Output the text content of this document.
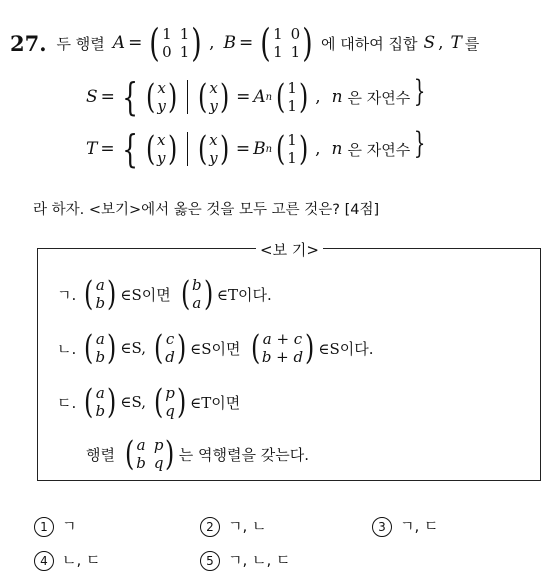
27. 두 행렬 A = ( 1 1
0 1 ) , B = ( 1 0
1 1 ) 에 대하여 집합 S , T 를
S = { ( x
y ) ( x
y ) = A n ( 1
1 ) , n 은 자연수 }
T = { ( x
y ) ( x
y ) = B n ( 1
1 ) , n 은 자연수 }
라 하자. <보기>에서 옳은 것을 모두 고른 것은? [4점]
<보 기>
ㄱ. ( a
b ) ∈S이면 ( b
a ) ∈T이다.
ㄴ. ( a
b ) ∈S, ( c
d ) ∈S이면 ( a + c
b + d ) ∈S이다.
ㄷ. ( a
b ) ∈S, ( p
q ) ∈T이면
행렬 ( a p
b q ) 는 역행렬을 갖는다.
1 ㄱ	2 ㄱ, ㄴ	3 ㄱ, ㄷ
4 ㄴ, ㄷ	5 ㄱ, ㄴ, ㄷ
